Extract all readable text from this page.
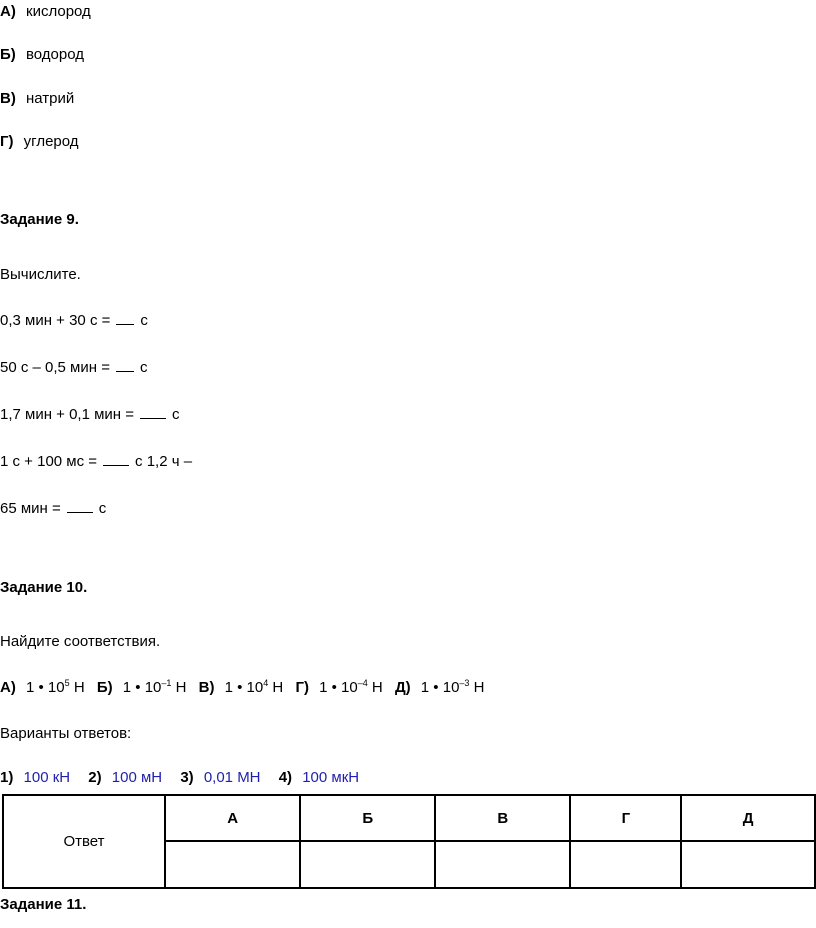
А) кислород
Б) водород
В) натрий
Г) углерод
Задание 9.
Вычислите.
0,3 мин + 30 с = с
50 с – 0,5 мин = с
1,7 мин + 0,1 мин =	с
1 с + 100 мс =	с 1,2 ч –
65 мин =	с
Задание 10.
Найдите соответствия.
А) 1 • $10^5$ Н Б) 1 • $10^{-1}$ Н В) 1 • $10^4$ Н Г) 1 • $10^{-4}$ Н Д) 1 • $10^{-3}$ Н
Варианты ответов:
1) 100 кН 2) 100 мН 3) 0,01 МН 4) 100 мкН
Ответ	А	Б	В	Г	Д

Задание 11.
